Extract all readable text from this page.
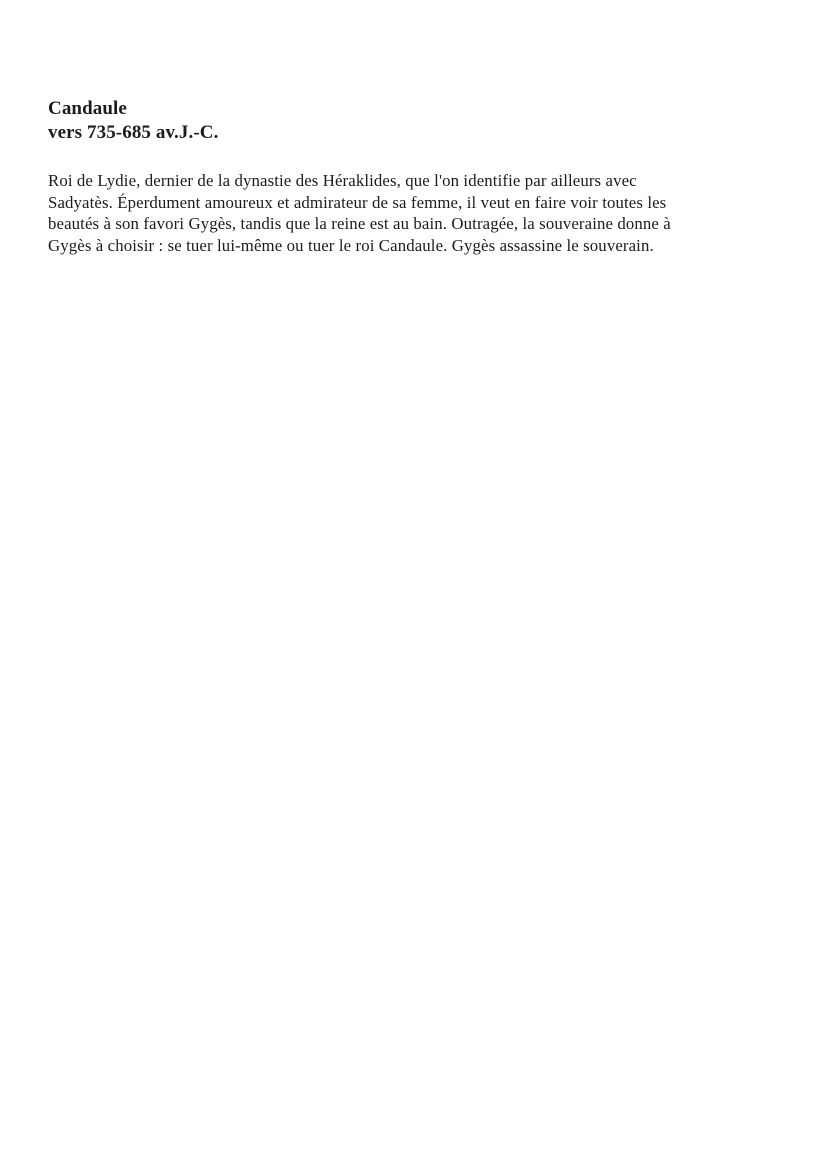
Candaule
vers 735-685 av.J.-C.
Roi de Lydie, dernier de la dynastie des Héraklides, que l'on identifie par ailleurs avec
Sadyatès. Éperdument amoureux et admirateur de sa femme, il veut en faire voir toutes les
beautés à son favori Gygès, tandis que la reine est au bain. Outragée, la souveraine donne à
Gygès à choisir : se tuer lui-même ou tuer le roi Candaule. Gygès assassine le souverain.
